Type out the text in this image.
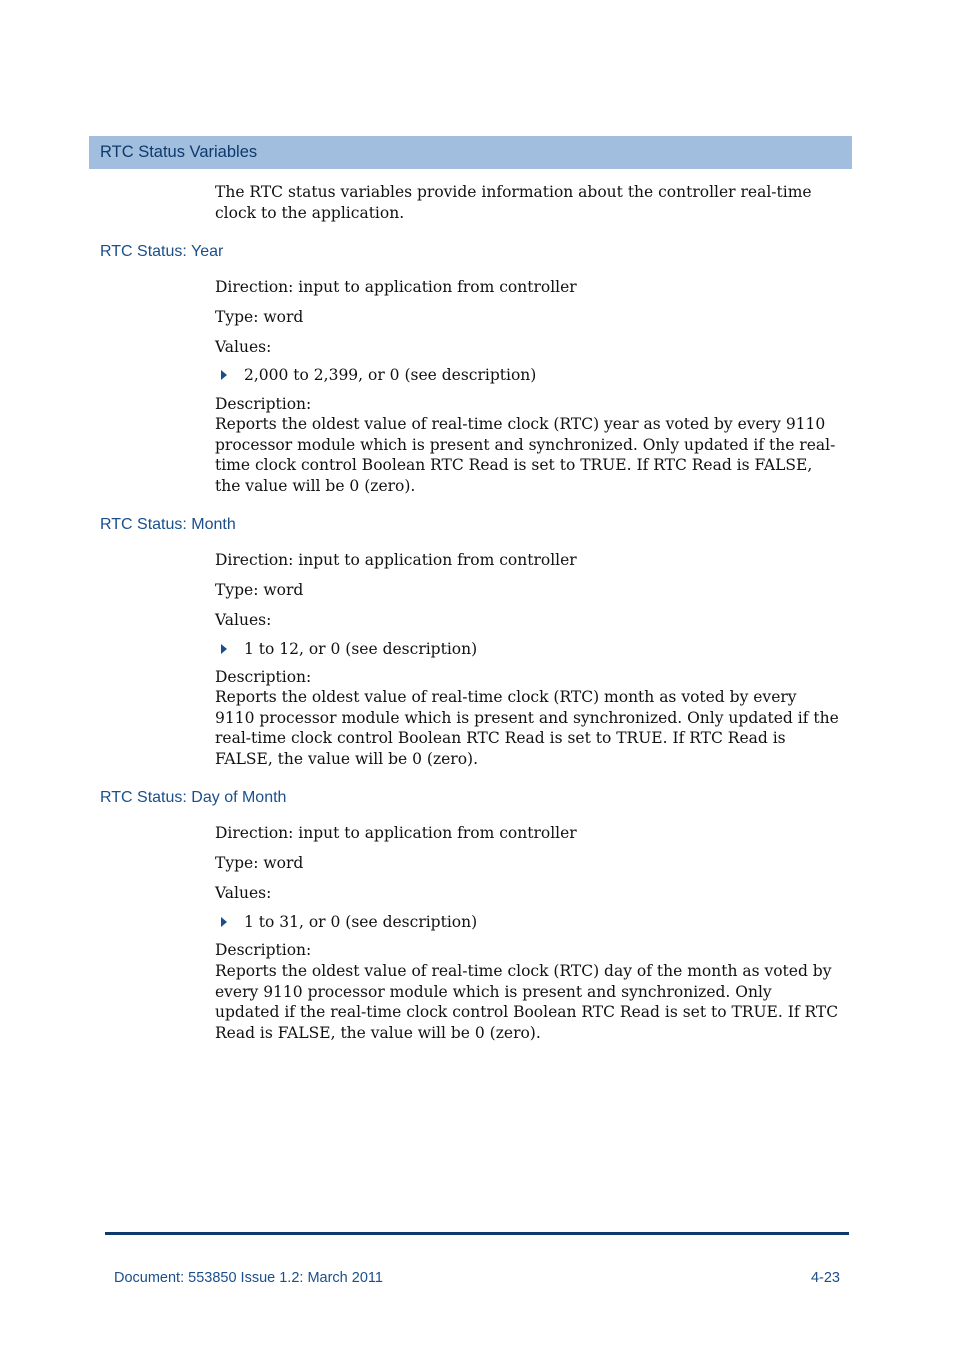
RTC Status Variables

The RTC status variables provide information about the controller real-time clock to the application.

RTC Status: Year

Direction: input to application from controller

Type: word

Values:

2,000 to 2,399, or 0 (see description)

Description:

Reports the oldest value of real-time clock (RTC) year as voted by every 9110 processor module which is present and synchronized. Only updated if the real-time clock control Boolean RTC Read is set to TRUE. If RTC Read is FALSE, the value will be 0 (zero).

RTC Status: Month

Direction: input to application from controller

Type: word

Values:

1 to 12, or 0 (see description)

Description:

Reports the oldest value of real-time clock (RTC) month as voted by every 9110 processor module which is present and synchronized. Only updated if the real-time clock control Boolean RTC Read is set to TRUE. If RTC Read is FALSE, the value will be 0 (zero).

RTC Status: Day of Month

Direction: input to application from controller

Type: word

Values:

1 to 31, or 0 (see description)

Description:

Reports the oldest value of real-time clock (RTC) day of the month as voted by every 9110 processor module which is present and synchronized. Only updated if the real-time clock control Boolean RTC Read is set to TRUE. If RTC Read is FALSE, the value will be 0 (zero).

Document: 553850 Issue 1.2: March 2011	4-23
